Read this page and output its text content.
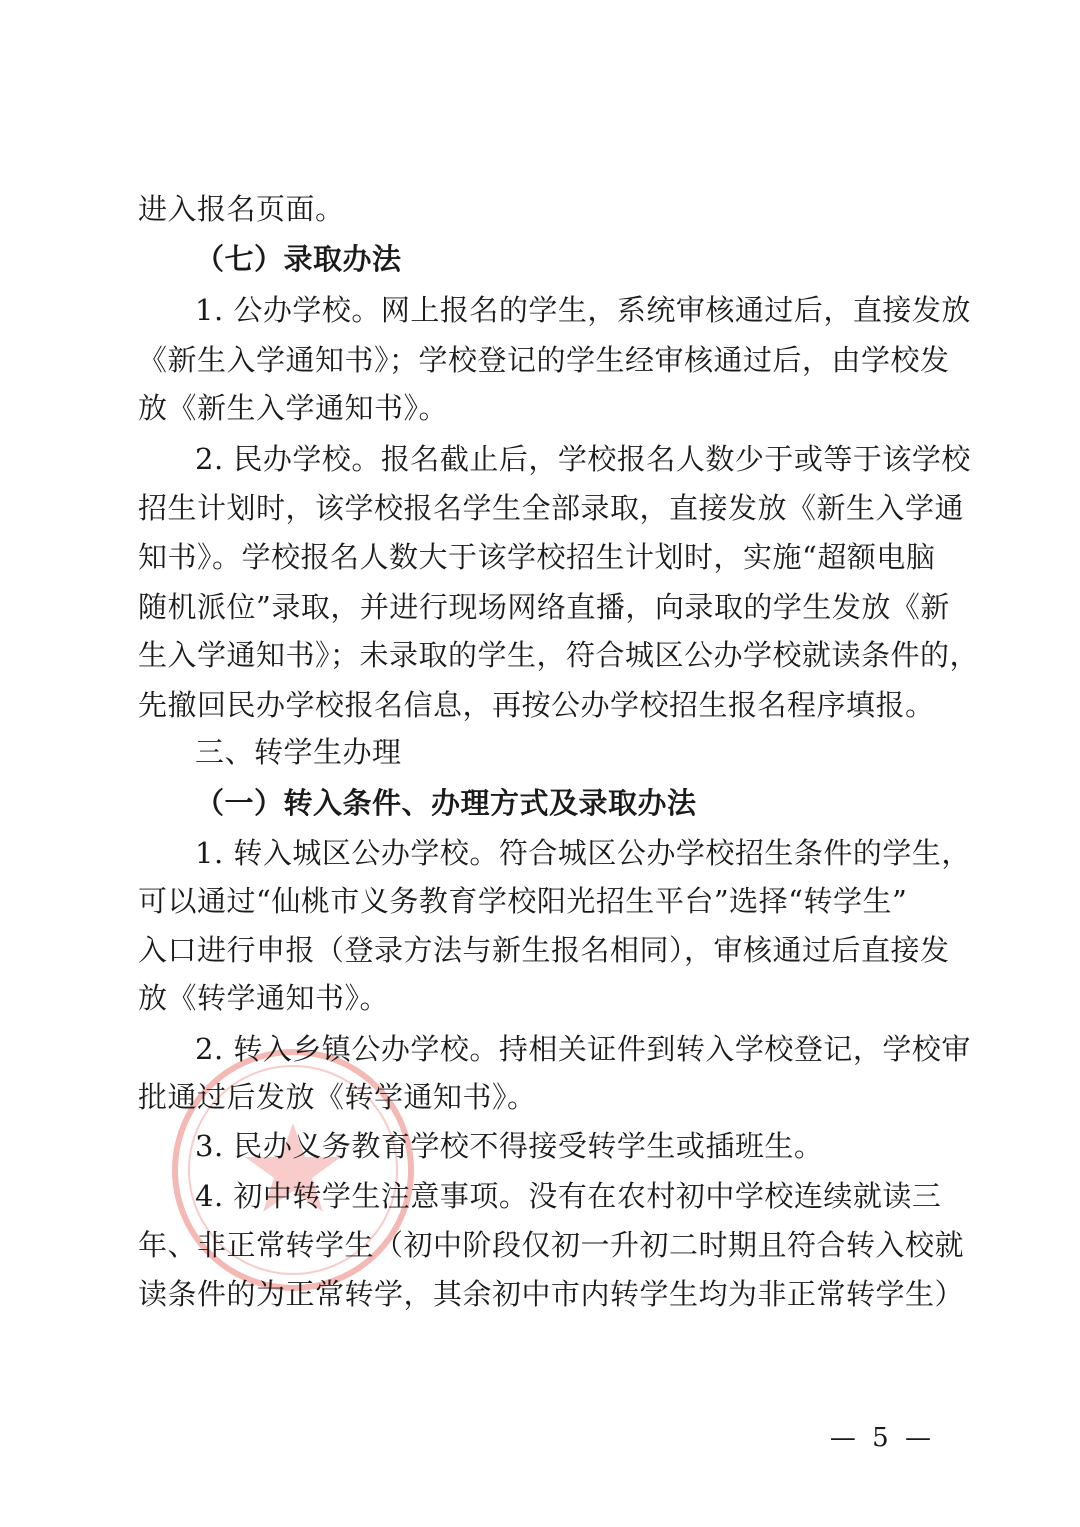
进入报名页面。
（七）录取办法
1. 公办学校。网上报名的学生，系统审核通过后，直接发放
《新生入学通知书》；学校登记的学生经审核通过后，由学校发
放《新生入学通知书》。
2. 民办学校。报名截止后，学校报名人数少于或等于该学校
招生计划时，该学校报名学生全部录取，直接发放《新生入学通
知书》。学校报名人数大于该学校招生计划时，实施“超额电脑
随机派位”录取，并进行现场网络直播，向录取的学生发放《新
生入学通知书》；未录取的学生，符合城区公办学校就读条件的，
先撤回民办学校报名信息，再按公办学校招生报名程序填报。
三、转学生办理
（一）转入条件、办理方式及录取办法
1. 转入城区公办学校。符合城区公办学校招生条件的学生，
可以通过“仙桃市义务教育学校阳光招生平台”选择“转学生”
入口进行申报（登录方法与新生报名相同），审核通过后直接发
放《转学通知书》。
2. 转入乡镇公办学校。持相关证件到转入学校登记，学校审
批通过后发放《转学通知书》。
3. 民办义务教育学校不得接受转学生或插班生。
4. 初中转学生注意事项。没有在农村初中学校连续就读三
年、非正常转学生（初中阶段仅初一升初二时期且符合转入校就
读条件的为正常转学，其余初中市内转学生均为非正常转学生）
— 5 —
